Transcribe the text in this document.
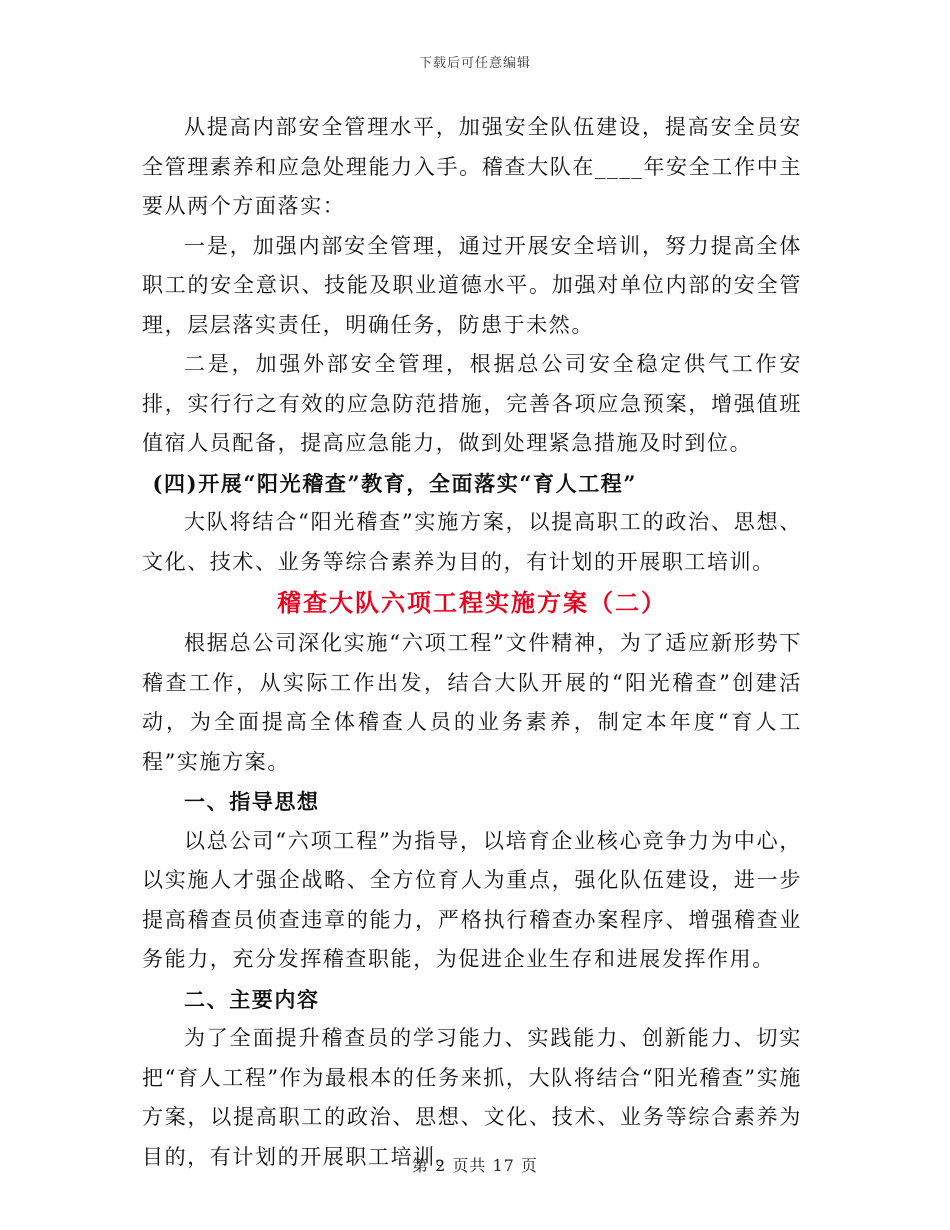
下载后可任意编辑

从提高内部安全管理水平，加强安全队伍建设，提高安全员安全管理素养和应急处理能力入手。稽查大队在____年安全工作中主要从两个方面落实：

一是，加强内部安全管理，通过开展安全培训，努力提高全体职工的安全意识、技能及职业道德水平。加强对单位内部的安全管理，层层落实责任，明确任务，防患于未然。

二是，加强外部安全管理，根据总公司安全稳定供气工作安排，实行行之有效的应急防范措施，完善各项应急预案，增强值班值宿人员配备，提高应急能力，做到处理紧急措施及时到位。

(四)开展“阳光稽查”教育，全面落实“育人工程”

大队将结合“阳光稽查”实施方案，以提高职工的政治、思想、文化、技术、业务等综合素养为目的，有计划的开展职工培训。

稽查大队六项工程实施方案（二）

根据总公司深化实施“六项工程”文件精神，为了适应新形势下稽查工作，从实际工作出发，结合大队开展的“阳光稽查”创建活动，为全面提高全体稽查人员的业务素养，制定本年度“育人工程”实施方案。

一、指导思想

以总公司“六项工程”为指导，以培育企业核心竞争力为中心，以实施人才强企战略、全方位育人为重点，强化队伍建设，进一步提高稽查员侦查违章的能力，严格执行稽查办案程序、增强稽查业务能力，充分发挥稽查职能，为促进企业生存和进展发挥作用。

二、主要内容

为了全面提升稽查员的学习能力、实践能力、创新能力、切实把“育人工程”作为最根本的任务来抓，大队将结合“阳光稽查”实施方案，以提高职工的政治、思想、文化、技术、业务等综合素养为目的，有计划的开展职工培训。

第 2 页共 17 页
